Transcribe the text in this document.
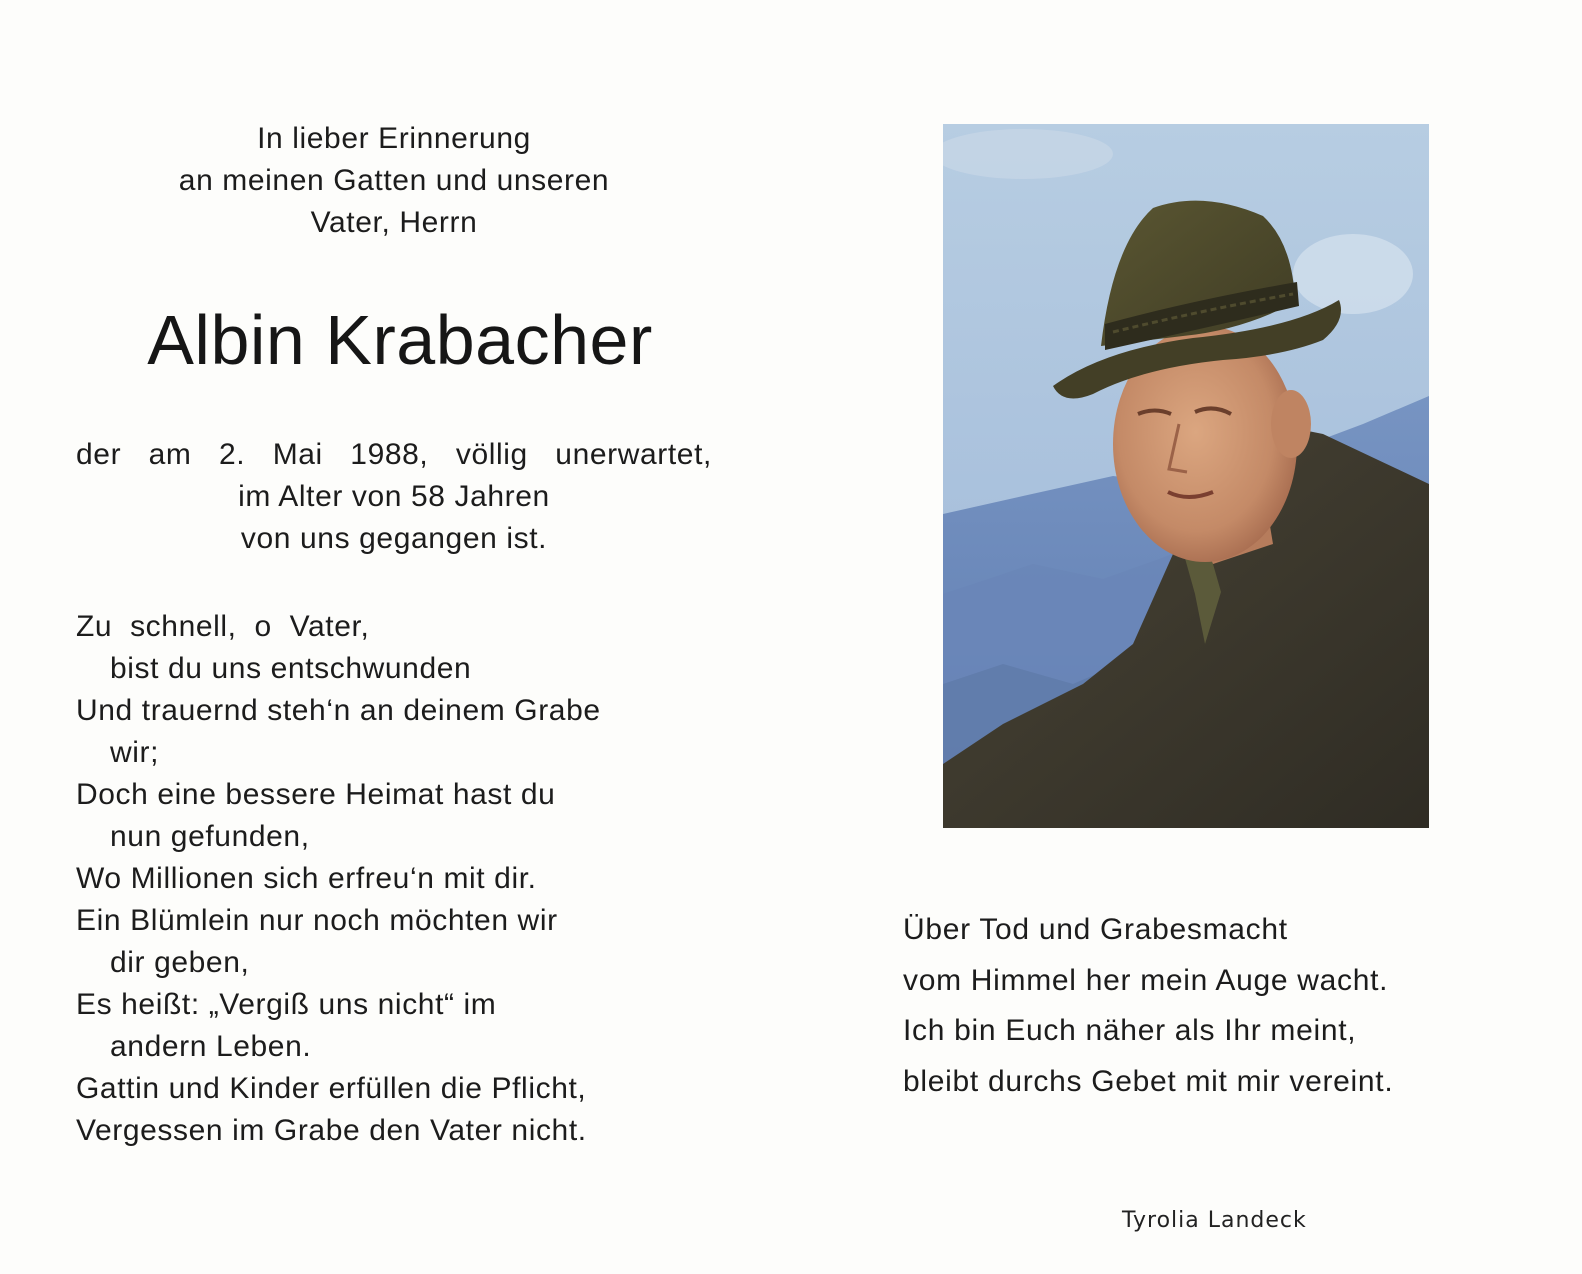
In lieber Erinnerung
an meinen Gatten und unseren
Vater, Herrn
Albin Krabacher
der am 2. Mai 1988, völlig unerwartet,
im Alter von 58 Jahren
von uns gegangen ist.
Zu  schnell,  o  Vater,
bist du uns entschwunden
Und trauernd steh‘n an deinem Grabe
wir;
Doch eine bessere Heimat hast du
nun gefunden,
Wo Millionen sich erfreu‘n mit dir.
Ein Blümlein nur noch möchten wir
dir geben,
Es heißt: „Vergiß uns nicht“ im
andern Leben.
Gattin und Kinder erfüllen die Pflicht,
Vergessen im Grabe den Vater nicht.
Über Tod und Grabesmacht
vom Himmel her mein Auge wacht.
Ich bin Euch näher als Ihr meint,
bleibt durchs Gebet mit mir vereint.
Tyrolia Landeck
